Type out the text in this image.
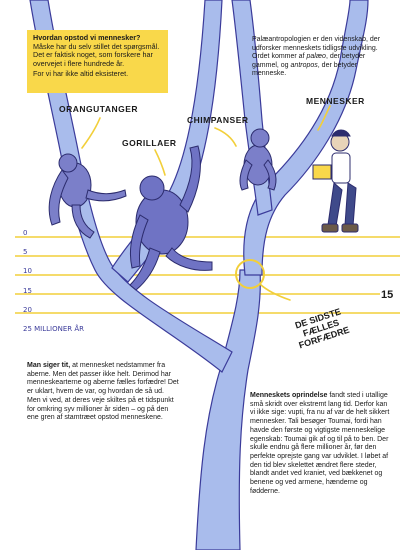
Hvordan opstod vi mennesker?

Måske har du selv stillet det spørgsmål. Det er faktisk noget, som forskere har overvejet i flere hundrede år.

For vi har ikke altid eksisteret.

Palæantropologien er den videnskab, der udforsker menneskets tidligste udvikling. Ordet kommer af palæo, der betyder gammel, og antropos, der betyder menneske.
ORANGUTANGER
GORILLAER
CHIMPANSER
MENNESKER
0
5
10
15
20
25 MILLIONER ÅR
15
DE SIDSTE FÆLLES FORFÆDRE
Man siger tit, at mennesket nedstammer fra aberne. Men det passer ikke helt. Derimod har menneskearterne og aberne fælles forfædre! Det er uklart, hvem de var, og hvordan de så ud. Men vi ved, at deres veje skiltes på et tidspunkt for omkring syv millioner år siden – og på den ene gren af stamtræet opstod menneskene.
Menneskets oprindelse fandt sted i utallige små skridt over ekstremt lang tid. Derfor kan vi ikke sige: vupti, fra nu af var de helt sikkert mennesker. Tali besøger Toumai, fordi han havde den første og vigtigste menneskelige egenskab: Toumai gik af og til på to ben. Der skulle endnu gå flere millioner år, før den perfekte oprejste gang var udviklet. I løbet af den tid blev skelettet ændret flere steder, blandt andet ved kraniet, ved bækkenet og benene og ved armene, hænderne og fødderne.
